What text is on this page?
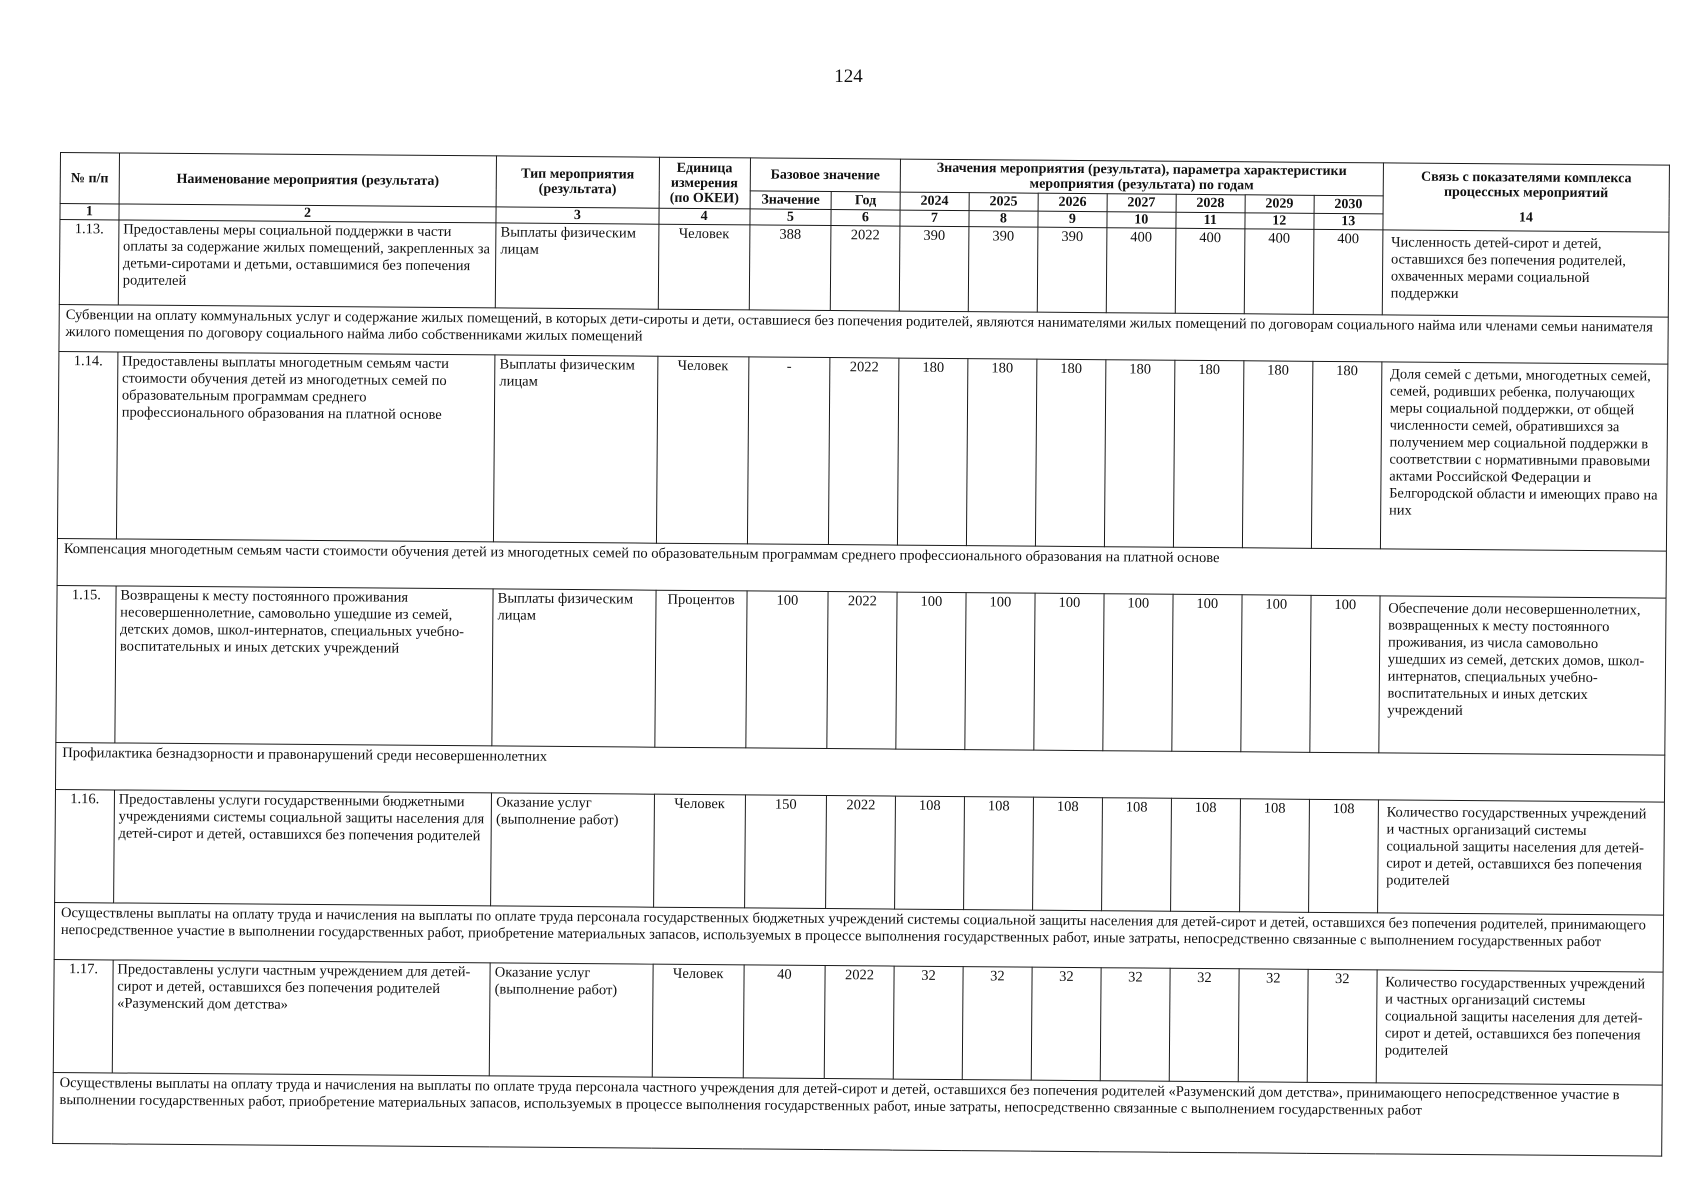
124
№ п/п	Наименование мероприятия (результата)	Тип мероприятия (результата)	Единица измерения (по ОКЕИ)	Базовое значение		Значения мероприятия (результата), параметра характеристики мероприятия (результата) по годам							Связь с показателями комплекса процессных мероприятий
14

				Значение	Год	2024	2025	2026	2027	2028	2029	2030	
1	2	3	4	5	6	7	8	9	10	11	12	13	
1.13.	Предоставлены меры социальной поддержки в части оплаты за содержание жилых помещений, закрепленных за детьми-сиротами и детьми, оставшимися без попечения родителей	Выплаты физическим лицам	Человек	388	2022	390	390	390	400	400	400	400	Численность детей-сирот и детей, оставшихся без попечения родителей, охваченных мерами социальной поддержки
Субвенции на оплату коммунальных услуг и содержание жилых помещений, в которых дети-сироты и дети, оставшиеся без попечения родителей, являются нанимателями жилых помещений по договорам социального найма или членами семьи нанимателя жилого помещения по договору социального найма либо собственниками жилых помещений													
1.14.	Предоставлены выплаты многодетным семьям части стоимости обучения детей из многодетных семей по образовательным программам среднего профессионального образования на платной основе	Выплаты физическим лицам	Человек	-	2022	180	180	180	180	180	180	180	Доля семей с детьми, многодетных семей, семей, родивших ребенка, получающих меры социальной поддержки, от общей численности семей, обратившихся за получением мер социальной поддержки в соответствии с нормативными правовыми актами Российской Федерации и Белгородской области и имеющих право на них
Компенсация многодетным семьям части стоимости обучения детей из многодетных семей по образовательным программам среднего профессионального образования на платной основе													
1.15.	Возвращены к месту постоянного проживания несовершеннолетние, самовольно ушедшие из семей, детских домов, школ-интернатов, специальных учебно-воспитательных и иных детских учреждений	Выплаты физическим лицам	Процентов	100	2022	100	100	100	100	100	100	100	Обеспечение доли несовершеннолетних, возвращенных к месту постоянного проживания, из числа самовольно ушедших из семей, детских домов, школ-интернатов, специальных учебно-воспитательных и иных детских учреждений
Профилактика безнадзорности и правонарушений среди несовершеннолетних													
1.16.	Предоставлены услуги государственными бюджетными учреждениями системы социальной защиты населения для детей-сирот и детей, оставшихся без попечения родителей	Оказание услуг (выполнение работ)	Человек	150	2022	108	108	108	108	108	108	108	Количество государственных учреждений и частных организаций системы социальной защиты населения для детей-сирот и детей, оставшихся без попечения родителей
Осуществлены выплаты на оплату труда и начисления на выплаты по оплате труда персонала государственных бюджетных учреждений системы социальной защиты населения для детей-сирот и детей, оставшихся без попечения родителей, принимающего непосредственное участие в выполнении государственных работ, приобретение материальных запасов, используемых в процессе выполнения государственных работ, иные затраты, непосредственно связанные с выполнением государственных работ													
1.17.	Предоставлены услуги частным учреждением для детей-сирот и детей, оставшихся без попечения родителей «Разуменский дом детства»	Оказание услуг (выполнение работ)	Человек	40	2022	32	32	32	32	32	32	32	Количество государственных учреждений и частных организаций системы социальной защиты населения для детей-сирот и детей, оставшихся без попечения родителей
Осуществлены выплаты на оплату труда и начисления на выплаты по оплате труда персонала частного учреждения для детей-сирот и детей, оставшихся без попечения родителей «Разуменский дом детства», принимающего непосредственное участие в выполнении государственных работ, приобретение материальных запасов, используемых в процессе выполнения государственных работ, иные затраты, непосредственно связанные с выполнением государственных работ													
